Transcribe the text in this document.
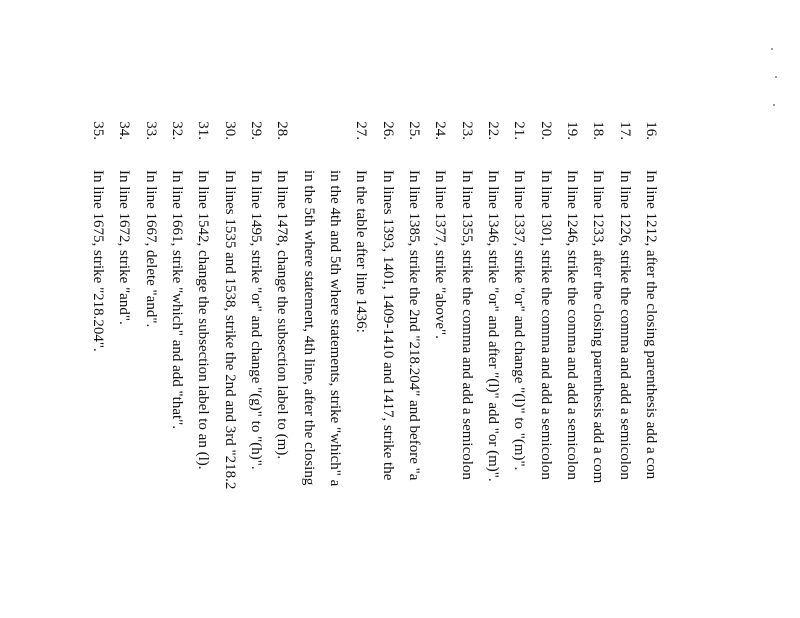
16.
In line 1212, after the closing parenthesis add a con
17.
In line 1226, strike the comma and add a semicolon
18.
In line 1233, after the closing parenthesis add a com
19.
In line 1246, strike the comma and add a semicolon
20.
In line 1301, strike the comma and add a semicolon
21.
In line 1337, strike "or" and change "(l)" to "(m)".
22.
In line 1346, strike "or" and after "(l)" add "or (m)".
23.
In line 1355, strike the comma and add a semicolon
24.
In line 1377, strike "above".
25.
In line 1385, strike the 2nd "218.204" and before "a
26.
In lines 1393, 1401, 1409-1410 and 1417, strike the
27.
In the table after line 1436:
in the 4th and 5th where statements, strike "which" a
in the 5th where statement, 4th line, after the closing
28.
In line 1478, change the subsection label to (m).
29.
In line 1495, strike "or" and change "(g)" to "(h)".
30.
In lines 1535 and 1538, strike the 2nd and 3rd "218.2
31.
In line 1542, change the subsection label to an (l).
32.
In line 1661, strike "which" and add "that".
33.
In line 1667, delete "and".
34.
In line 1672, strike "and".
35.
In line 1675, strike "218.204".
